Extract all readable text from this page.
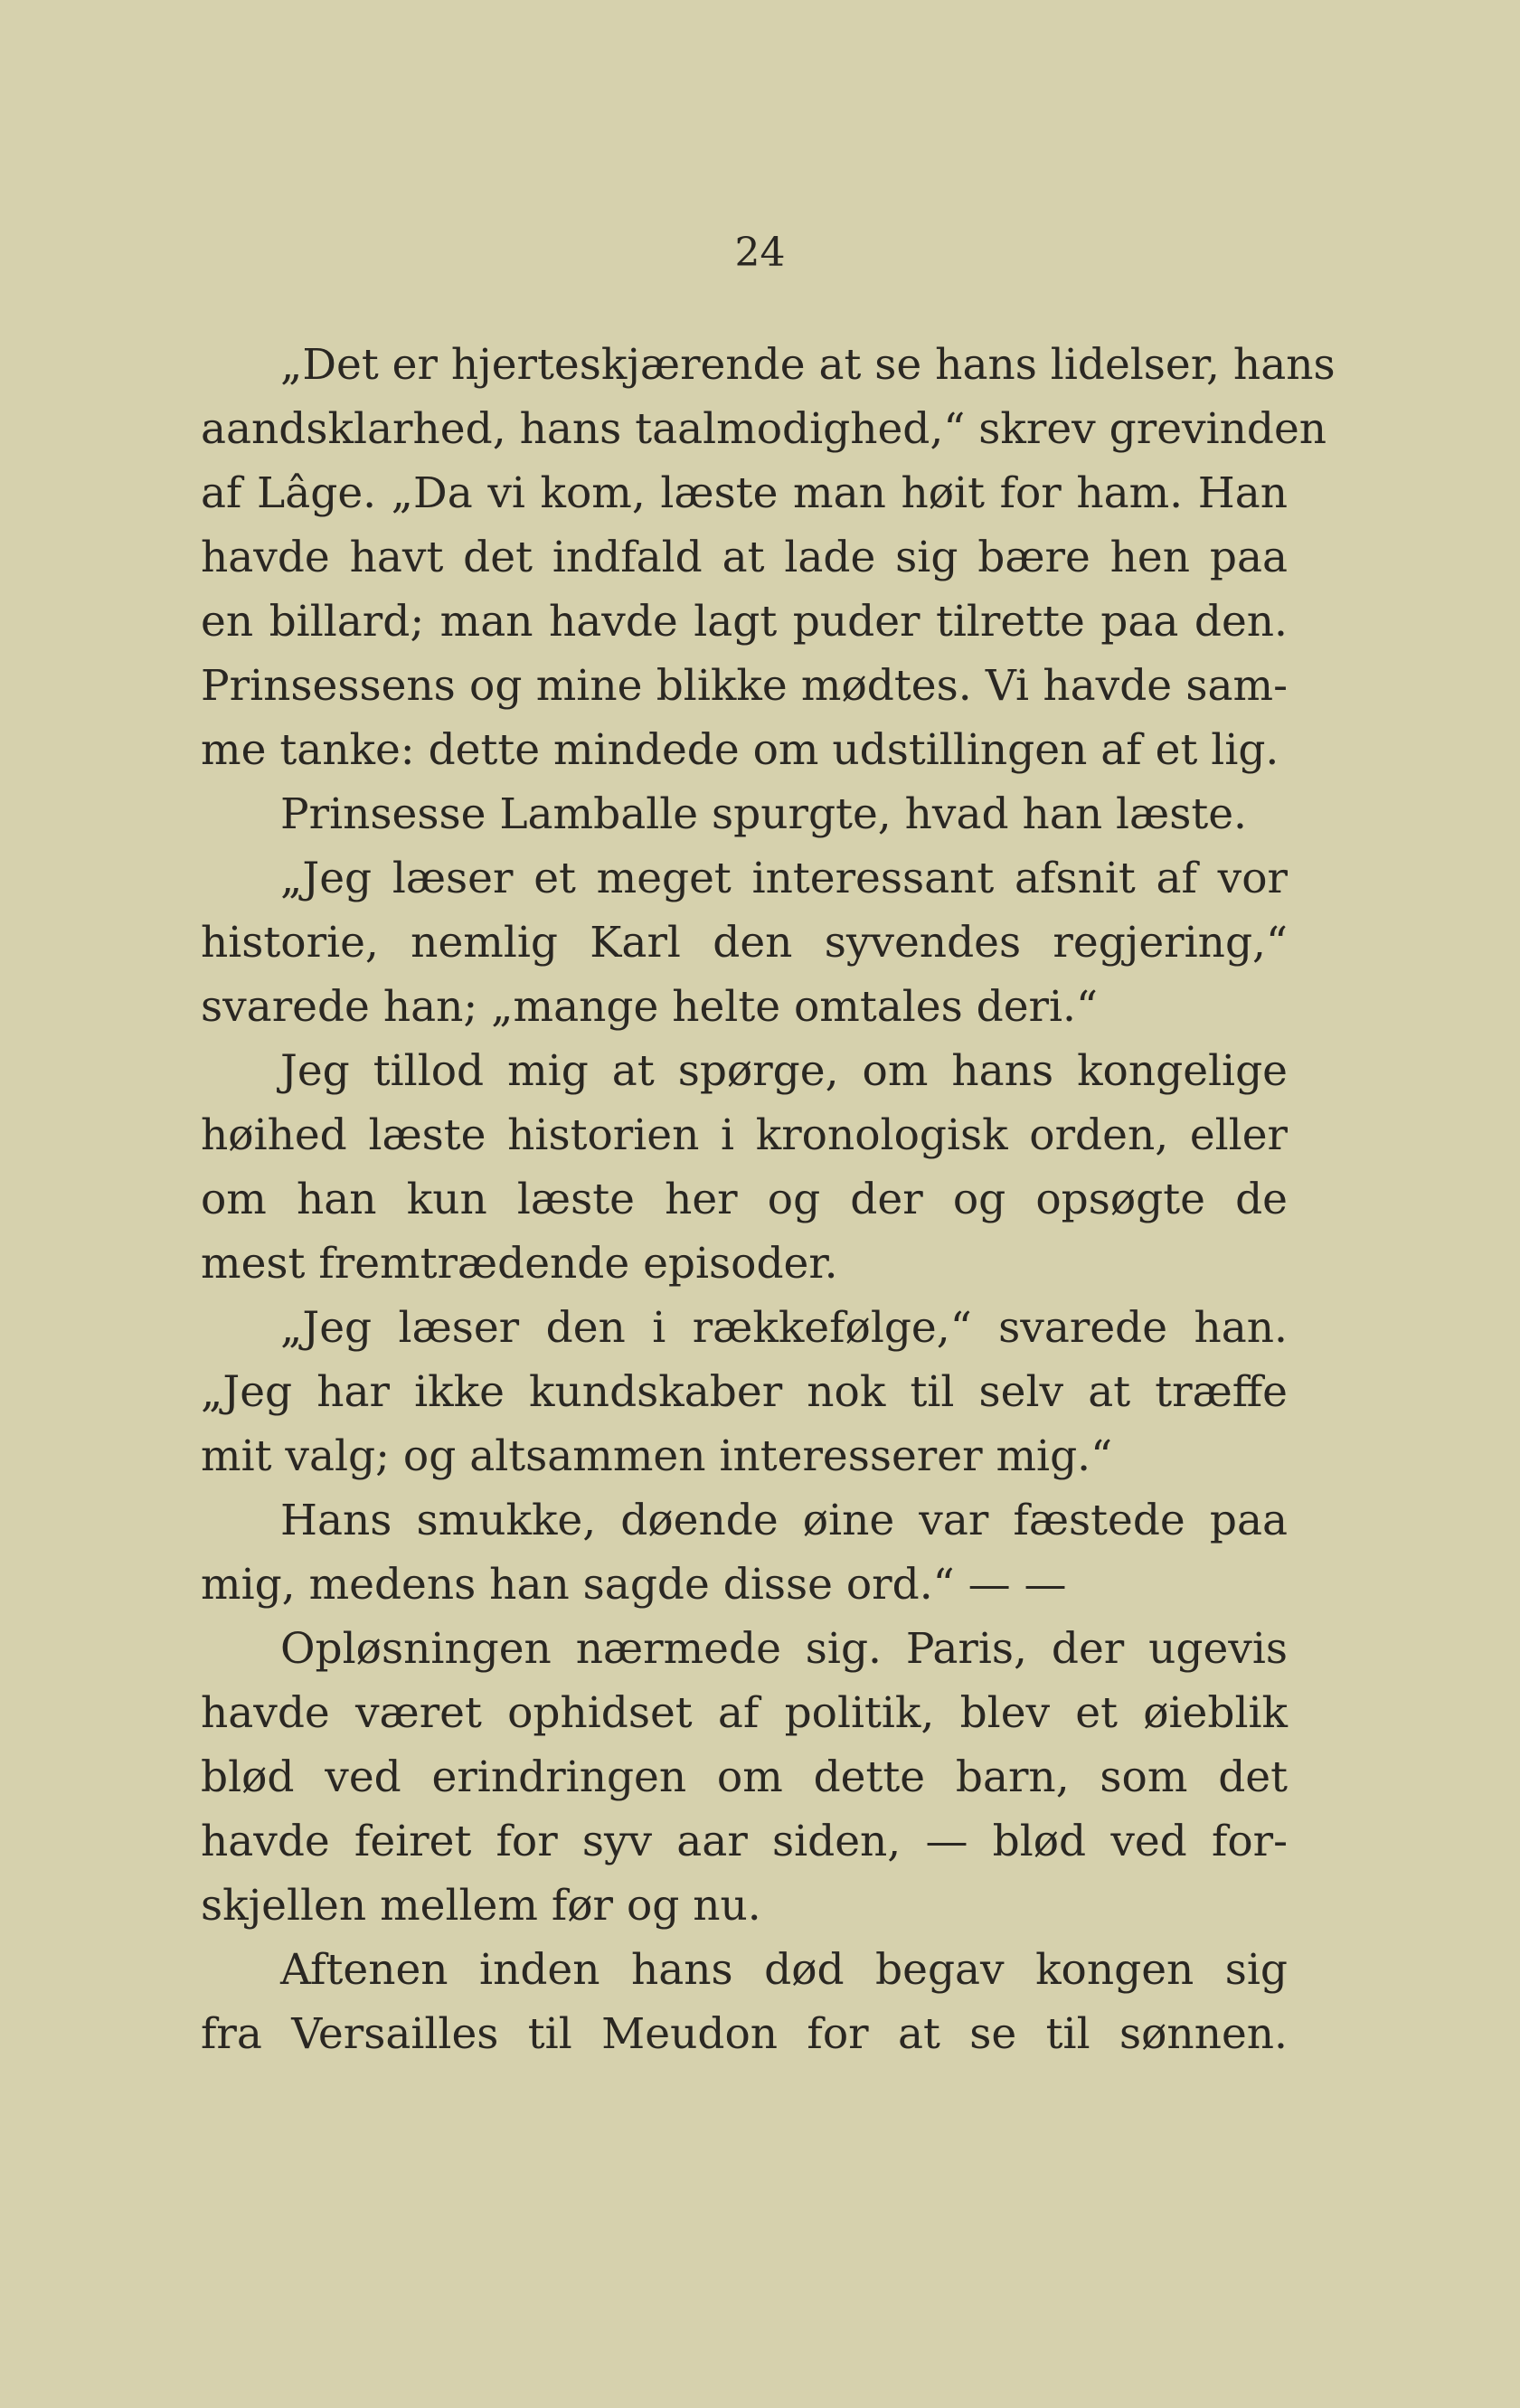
24
„Det er hjerteskjærende at se hans lidelser, hans
aandsklarhed, hans taalmodighed,“ skrev grevinden
af Lâge. „Da vi kom, læste man høit for ham. Han
havde havt det indfald at lade sig bære hen paa
en billard; man havde lagt puder tilrette paa den.
Prinsessens og mine blikke mødtes. Vi havde sam-
me tanke: dette mindede om udstillingen af et lig.
Prinsesse Lamballe spurgte, hvad han læste.
„Jeg læser et meget interessant afsnit af vor
historie, nemlig Karl den syvendes regjering,“
svarede han; „mange helte omtales deri.“
Jeg tillod mig at spørge, om hans kongelige
høihed læste historien i kronologisk orden, eller
om han kun læste her og der og opsøgte de
mest fremtrædende episoder.
„Jeg læser den i rækkefølge,“ svarede han.
„Jeg har ikke kundskaber nok til selv at træffe
mit valg; og altsammen interesserer mig.“
Hans smukke, døende øine var fæstede paa
mig, medens han sagde disse ord.“ — —
Opløsningen nærmede sig. Paris, der ugevis
havde været ophidset af politik, blev et øieblik
blød ved erindringen om dette barn, som det
havde feiret for syv aar siden, — blød ved for-
skjellen mellem før og nu.
Aftenen inden hans død begav kongen sig
fra Versailles til Meudon for at se til sønnen.
